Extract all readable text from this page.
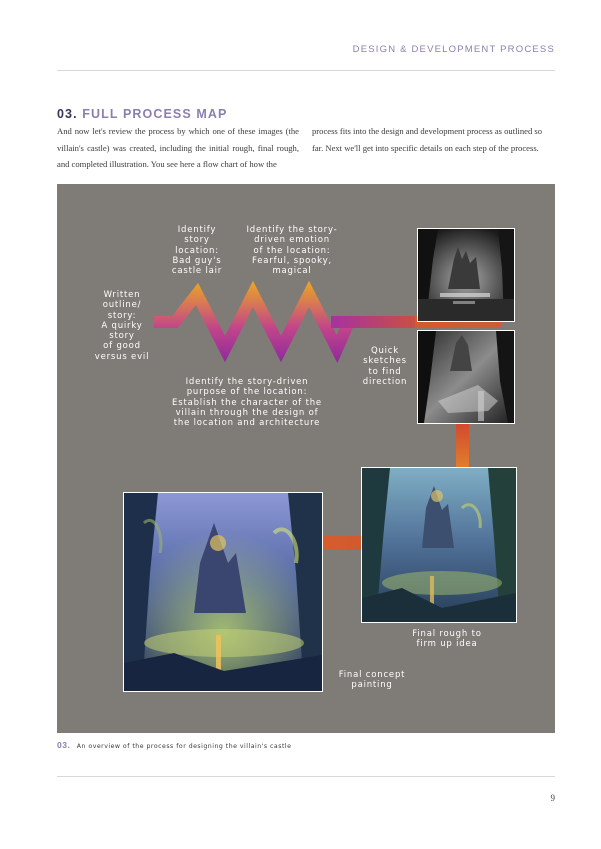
DESIGN & DEVELOPMENT PROCESS
03. FULL PROCESS MAP
And now let's review the process by which one of these images (the villain's castle) was created, including the initial rough, final rough, and completed illustration. You see here a flow chart of how the
process fits into the design and development process as outlined so far. Next we'll get into specific details on each step of the process.
Written
outline/
story:
A quirky
story
of good
versus evil
Identify
story
location:
Bad guy's
castle lair
Identify the story-
driven emotion
of the location:
Fearful, spooky,
magical
Identify the story-driven
purpose of the location:
Establish the character of the
villain through the design of
the location and architecture
Quick
sketches
to find
direction
Final rough to
firm up idea
Final concept
painting
03. An overview of the process for designing the villain's castle
9
